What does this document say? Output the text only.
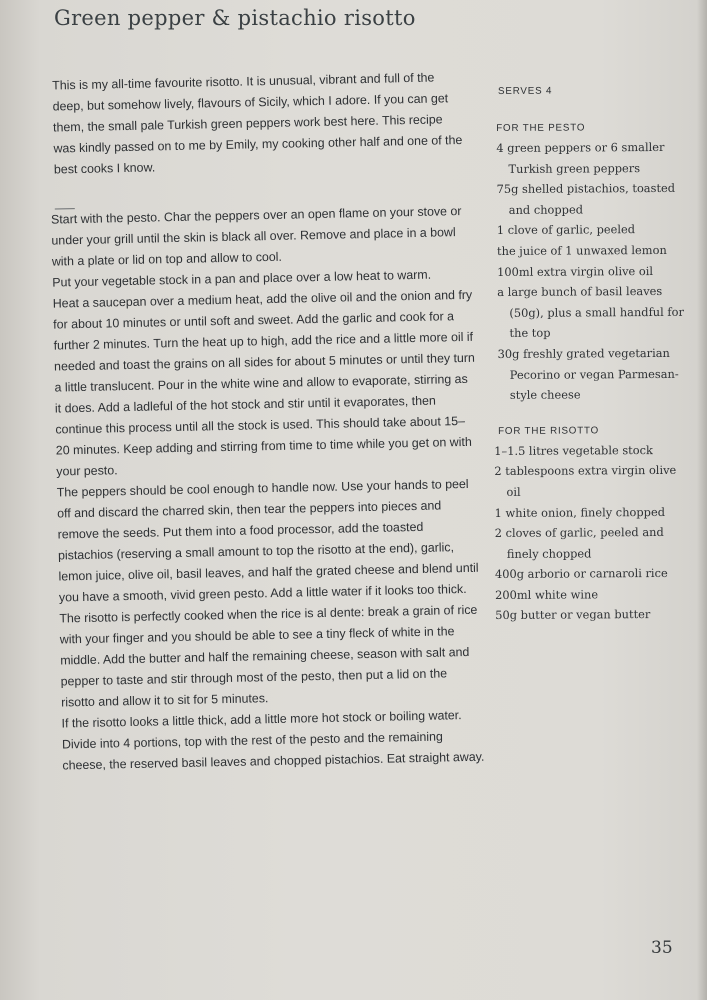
Green pepper & pistachio risotto

This is my all-time favourite risotto. It is unusual, vibrant and full of the deep, but somehow lively, flavours of Sicily, which I adore. If you can get them, the small pale Turkish green peppers work best here. This recipe was kindly passed on to me by Emily, my cooking other half and one of the best cooks I know.

Start with the pesto. Char the peppers over an open flame on your stove or under your grill until the skin is black all over. Remove and place in a bowl with a plate or lid on top and allow to cool.

Put your vegetable stock in a pan and place over a low heat to warm.

Heat a saucepan over a medium heat, add the olive oil and the onion and fry for about 10 minutes or until soft and sweet. Add the garlic and cook for a further 2 minutes. Turn the heat up to high, add the rice and a little more oil if needed and toast the grains on all sides for about 5 minutes or until they turn a little translucent. Pour in the white wine and allow to evaporate, stirring as it does. Add a ladleful of the hot stock and stir until it evaporates, then continue this process until all the stock is used. This should take about 15–20 minutes. Keep adding and stirring from time to time while you get on with your pesto.

The peppers should be cool enough to handle now. Use your hands to peel off and discard the charred skin, then tear the peppers into pieces and remove the seeds. Put them into a food processor, add the toasted pistachios (reserving a small amount to top the risotto at the end), garlic, lemon juice, olive oil, basil leaves, and half the grated cheese and blend until you have a smooth, vivid green pesto. Add a little water if it looks too thick.

The risotto is perfectly cooked when the rice is al dente: break a grain of rice with your finger and you should be able to see a tiny fleck of white in the middle. Add the butter and half the remaining cheese, season with salt and pepper to taste and stir through most of the pesto, then put a lid on the risotto and allow it to sit for 5 minutes.

If the risotto looks a little thick, add a little more hot stock or boiling water. Divide into 4 portions, top with the rest of the pesto and the remaining cheese, the reserved basil leaves and chopped pistachios. Eat straight away.

SERVES 4
FOR THE PESTO
4 green peppers or 6 smaller Turkish green peppers
75g shelled pistachios, toasted and chopped
1 clove of garlic, peeled
the juice of 1 unwaxed lemon
100ml extra virgin olive oil
a large bunch of basil leaves (50g), plus a small handful for the top
30g freshly grated vegetarian Pecorino or vegan Parmesan-style cheese
FOR THE RISOTTO
1–1.5 litres vegetable stock
2 tablespoons extra virgin olive oil
1 white onion, finely chopped
2 cloves of garlic, peeled and finely chopped
400g arborio or carnaroli rice
200ml white wine
50g butter or vegan butter
35
